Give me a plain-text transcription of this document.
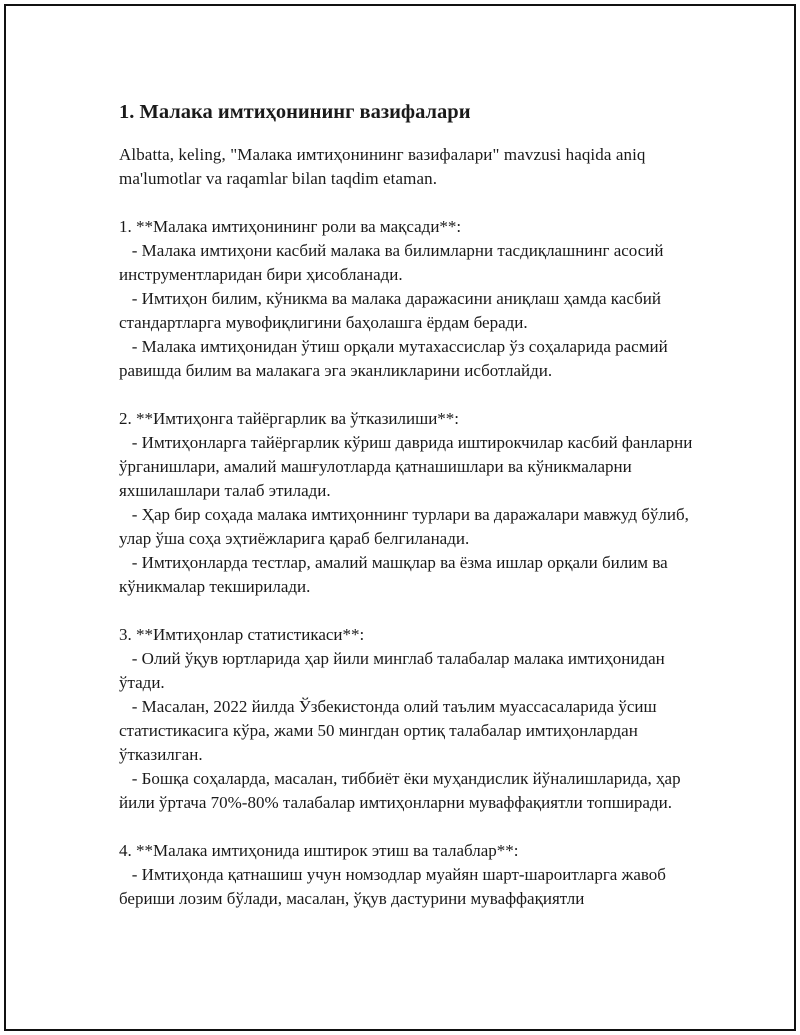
1. Малака имтиҳонининг вазифалари

Albatta, keling, "Малака имтиҳонининг вазифалари" mavzusi haqida aniq ma'lumotlar va raqamlar bilan taqdim etaman.

1. **Малака имтиҳонининг роли ва мақсади**:

- Малака имтиҳони касбий малака ва билимларни тасдиқлашнинг асосий инструментларидан бири ҳисобланади.

- Имтиҳон билим, кўникма ва малака даражасини аниқлаш ҳамда касбий стандартларга мувофиқлигини баҳолашга ёрдам беради.

- Малака имтиҳонидан ўтиш орқали мутахассислар ўз соҳаларида расмий равишда билим ва малакага эга эканликларини исботлайди.

2. **Имтиҳонга тайёргарлик ва ўтказилиши**:

- Имтиҳонларга тайёргарлик кўриш даврида иштирокчилар касбий фанларни ўрганишлари, амалий машғулотларда қатнашишлари ва кўникмаларни яхшилашлари талаб этилади.

- Ҳар бир соҳада малака имтиҳоннинг турлари ва даражалари мавжуд бўлиб, улар ўша соҳа эҳтиёжларига қараб белгиланади.

- Имтиҳонларда тестлар, амалий машқлар ва ёзма ишлар орқали билим ва кўникмалар текширилади.

3. **Имтиҳонлар статистикаси**:

- Олий ўқув юртларида ҳар йили минглаб талабалар малака имтиҳонидан ўтади.

- Масалан, 2022 йилда Ўзбекистонда олий таълим муассасаларида ўсиш статистикасига кўра, жами 50 мингдан ортиқ талабалар имтиҳонлардан ўтказилган.

- Бошқа соҳаларда, масалан, тиббиёт ёки муҳандислик йўналишларида, ҳар йили ўртача 70%-80% талабалар имтиҳонларни муваффақиятли топширади.

4. **Малака имтиҳонида иштирок этиш ва талаблар**:

- Имтиҳонда қатнашиш учун номзодлар муайян шарт-шароитларга жавоб бериши лозим бўлади, масалан, ўқув дастурини муваффақиятли
